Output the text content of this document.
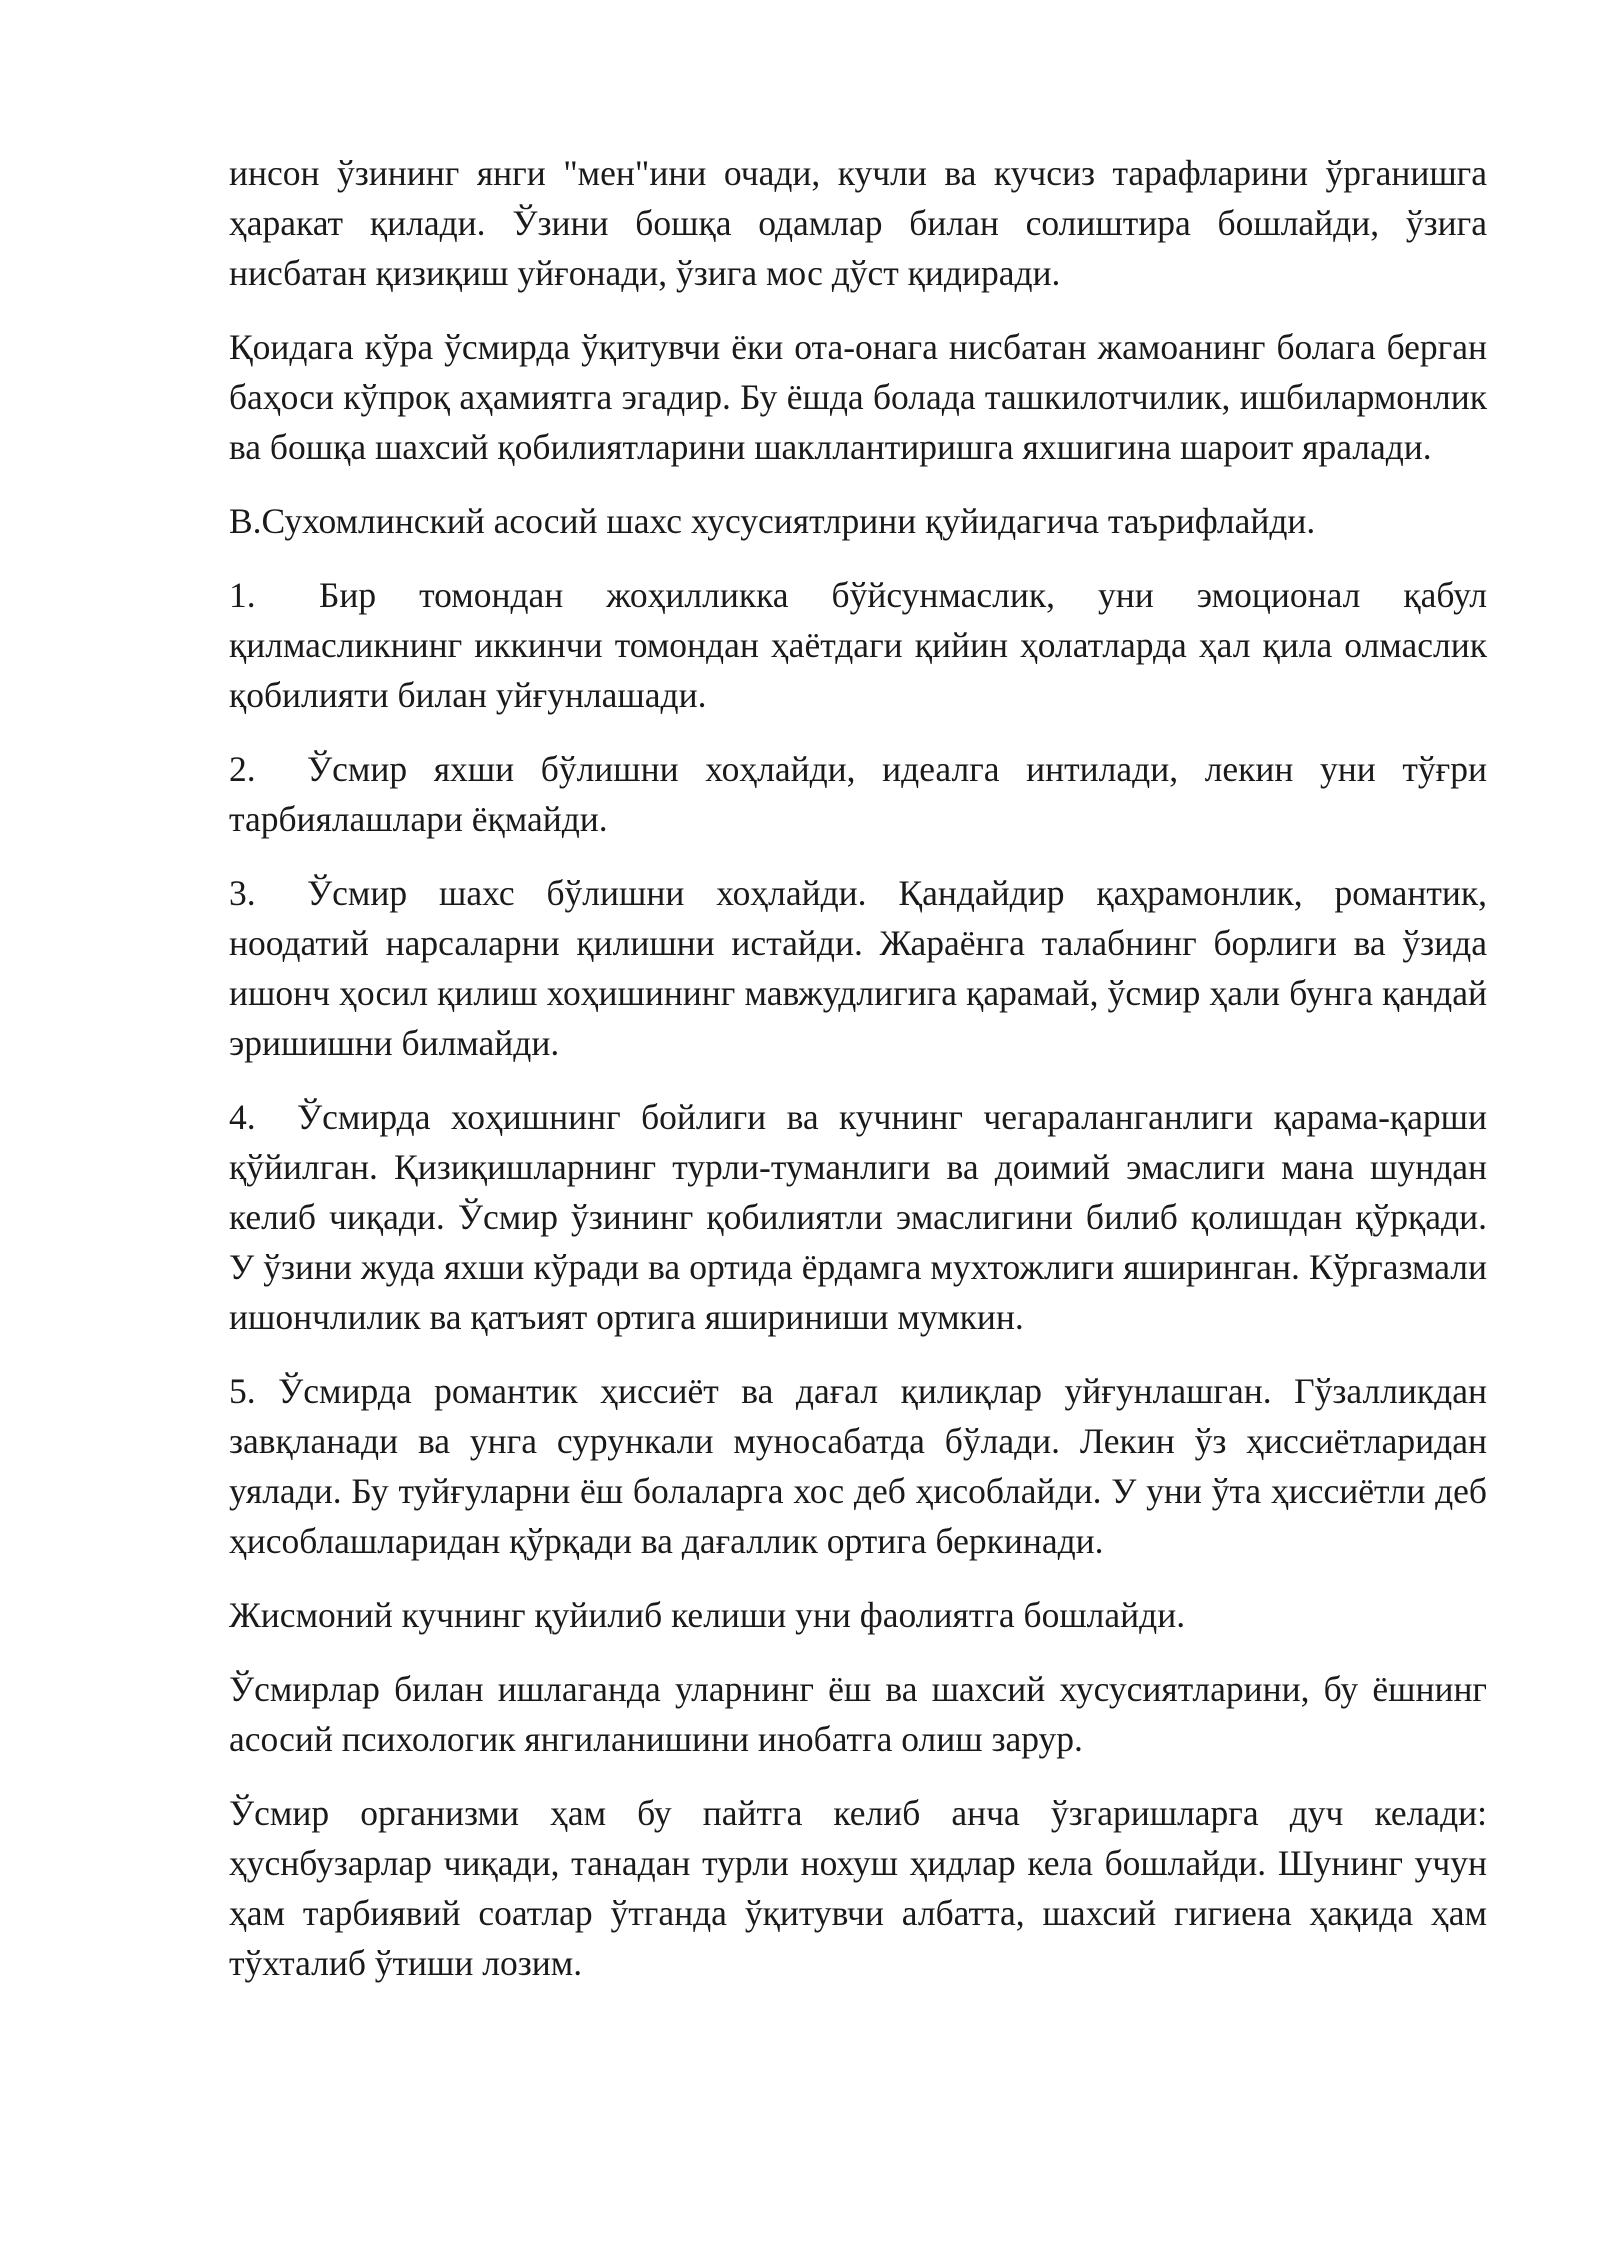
инсон ўзининг янги "мен"ини очади, кучли ва кучсиз тарафларини ўрганишга ҳаракат қилади. Ўзини бошқа одамлар билан солиштира бошлайди, ўзига нисбатан қизиқиш уйғонади, ўзига мос дўст қидиради.

Қоидага кўра ўсмирда ўқитувчи ёки ота-онага нисбатан жамоанинг болага берган баҳоси кўпроқ аҳамиятга эгадир. Бу ёшда болада ташкилотчилик, ишбилармонлик ва бошқа шахсий қобилиятларини шакллантиришга яхшигина шароит яралади.

В.Сухомлинский асосий шахс хусусиятлрини қуйидагича таърифлайди.

1. Бир томондан жоҳилликка бўйсунмаслик, уни эмоционал қабул қилмасликнинг иккинчи томондан ҳаётдаги қийин ҳолатларда ҳал қила олмаслик қобилияти билан уйғунлашади.

2. Ўсмир яхши бўлишни хоҳлайди, идеалга интилади, лекин уни тўғри тарбиялашлари ёқмайди.

3. Ўсмир шахс бўлишни хоҳлайди. Қандайдир қаҳрамонлик, романтик, ноодатий нарсаларни қилишни истайди. Жараёнга талабнинг борлиги ва ўзида ишонч ҳосил қилиш хоҳишининг мавжудлигига қарамай, ўсмир ҳали бунга қандай эришишни билмайди.

4. Ўсмирда хоҳишнинг бойлиги ва кучнинг чегараланганлиги қарама-қарши қўйилган. Қизиқишларнинг турли-туманлиги ва доимий эмаслиги мана шундан келиб чиқади. Ўсмир ўзининг қобилиятли эмаслигини билиб қолишдан қўрқади. У ўзини жуда яхши кўради ва ортида ёрдамга мухтожлиги яширинган. Кўргазмали ишончлилик ва қатъият ортига яшириниши мумкин.

5. Ўсмирда романтик ҳиссиёт ва дағал қилиқлар уйғунлашган. Гўзалликдан завқланади ва унга сурункали муносабатда бўлади. Лекин ўз ҳиссиётларидан уялади. Бу туйғуларни ёш болаларга хос деб ҳисоблайди. У уни ўта ҳиссиётли деб ҳисоблашларидан қўрқади ва дағаллик ортига беркинади.

Жисмоний кучнинг қуйилиб келиши уни фаолиятга бошлайди.

Ўсмирлар билан ишлаганда уларнинг ёш ва шахсий хусусиятларини, бу ёшнинг асосий психологик янгиланишини инобатга олиш зарур.

Ўсмир организми ҳам бу пайтга келиб анча ўзгаришларга дуч келади: ҳуснбузарлар чиқади, танадан турли нохуш ҳидлар кела бошлайди. Шунинг учун ҳам тарбиявий соатлар ўтганда ўқитувчи албатта, шахсий гигиена ҳақида ҳам тўхталиб ўтиши лозим.
